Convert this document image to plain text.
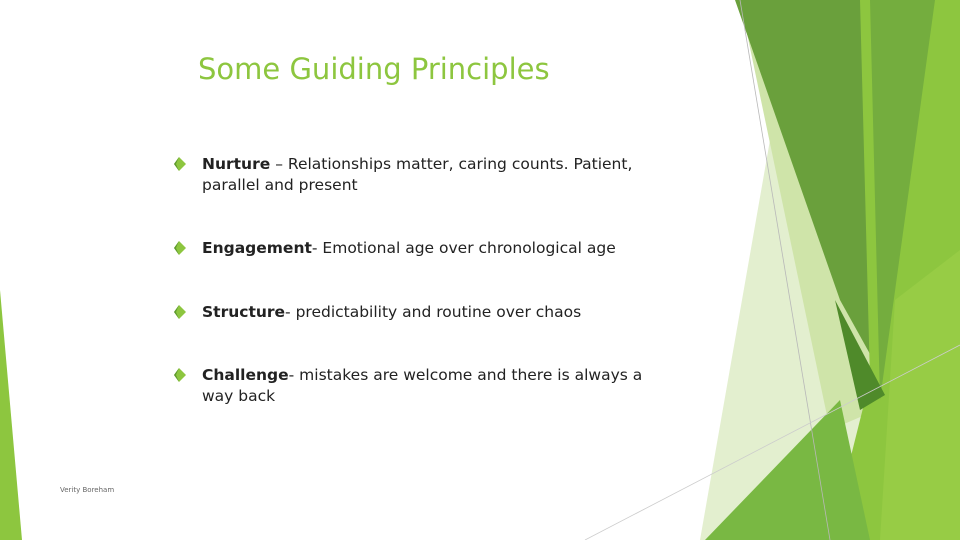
Some Guiding Principles
Nurture – Relationships matter, caring counts. Patient, parallel and present
Engagement- Emotional age over chronological age
Structure- predictability and routine over chaos
Challenge- mistakes are welcome and there is always a way back
Verity Boreham
